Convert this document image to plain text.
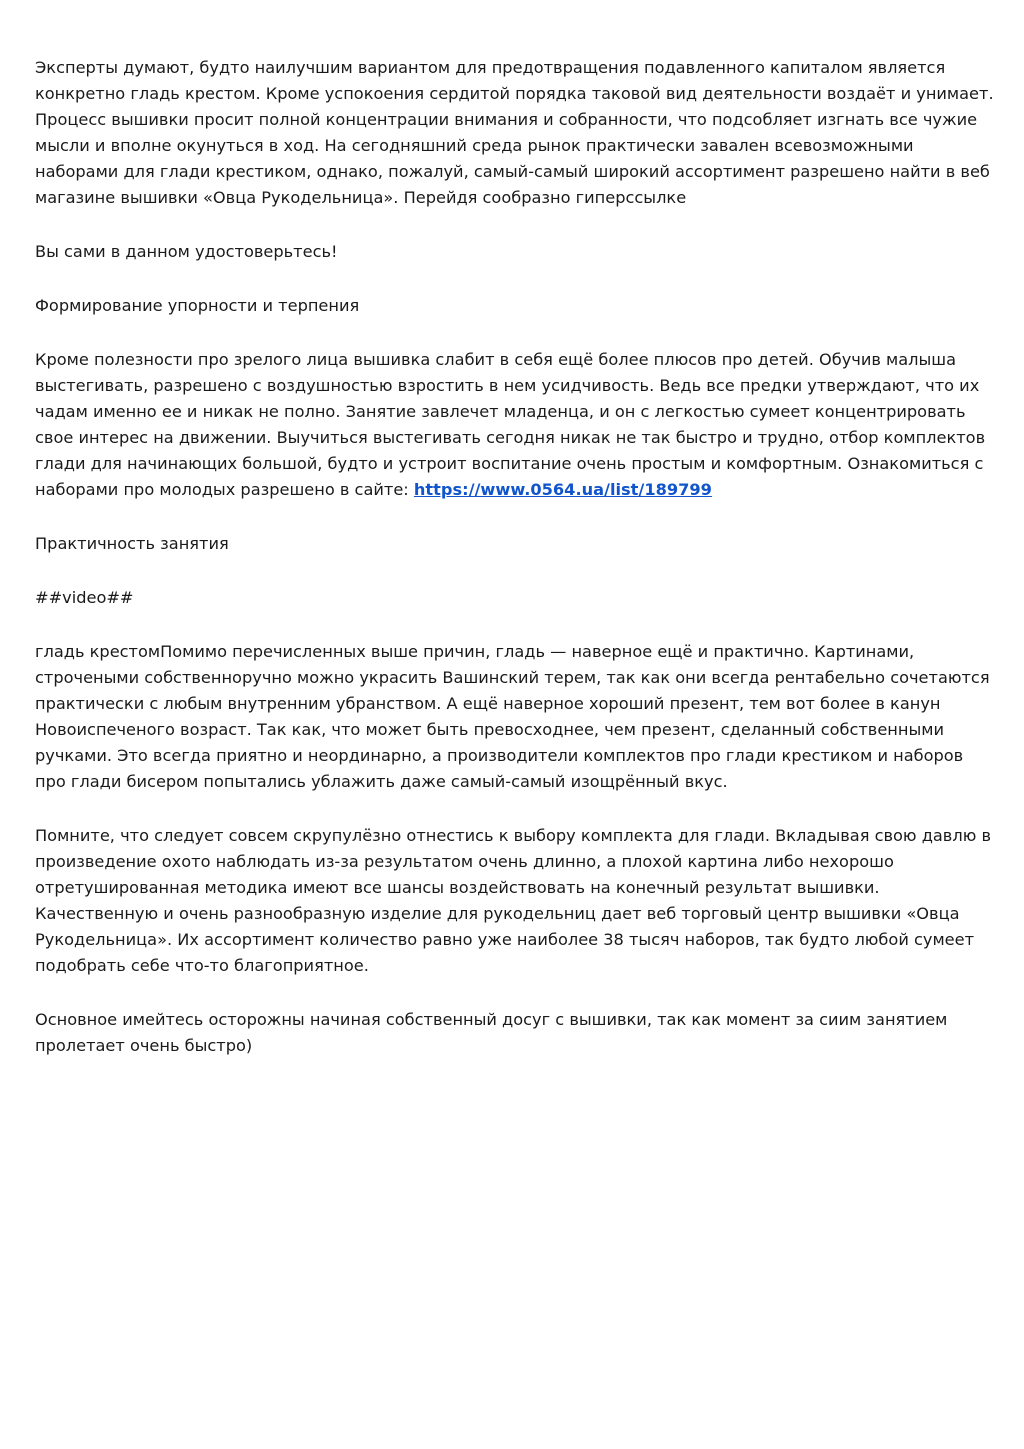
Эксперты думают, будто наилучшим вариантом для предотвращения подавленного капиталом является конкретно гладь крестом. Кроме успокоения сердитой порядка таковой вид деятельности воздаёт и унимает. Процесс вышивки просит полной концентрации внимания и собранности, что подсобляет изгнать все чужие мысли и вполне окунуться в ход. На сегодняшний среда рынок практически завален всевозможными наборами для глади крестиком, однако, пожалуй, самый-самый широкий ассортимент разрешено найти в веб магазине вышивки «Овца Рукодельница». Перейдя сообразно гиперссылке

Вы сами в данном удостоверьтесь!

Формирование упорности и терпения

Кроме полезности про зрелого лица вышивка слабит в себя ещё более плюсов про детей. Обучив малыша выстегивать, разрешено с воздушностью взростить в нем усидчивость. Ведь все предки утверждают, что их чадам именно ее и никак не полно. Занятие завлечет младенца, и он с легкостью сумеет концентрировать свое интерес на движении. Выучиться выстегивать сегодня никак не так быстро и трудно, отбор комплектов глади для начинающих большой, будто и устроит воспитание очень простым и комфортным. Ознакомиться с наборами про молодых разрешено в сайте: https://www.0564.ua/list/189799

Практичность занятия

##video##

гладь крестомПомимо перечисленных выше причин, гладь — наверное ещё и практично. Картинами, строчеными собственноручно можно украсить Вашинский терем, так как они всегда рентабельно сочетаются практически с любым внутренним убранством. А ещё наверное хороший презент, тем вот более в канун Новоиспеченого возраст. Так как, что может быть превосходнее, чем презент, сделанный собственными ручками. Это всегда приятно и неординарно, а производители комплектов про глади крестиком и наборов про глади бисером попытались ублажить даже самый-самый изощрённый вкус.

Помните, что следует совсем скрупулёзно отнестись к выбору комплекта для глади. Вкладывая свою давлю в произведение охото наблюдать из-за результатом очень длинно, а плохой картина либо нехорошо отретушированная методика имеют все шансы воздействовать на конечный результат вышивки. Качественную и очень разнообразную изделие для рукодельниц дает веб торговый центр вышивки «Овца Рукодельница». Их ассортимент количество равно уже наиболее 38 тысяч наборов, так будто любой сумеет подобрать себе что-то благоприятное.

Основное имейтесь осторожны начиная собственный досуг с вышивки, так как момент за сиим занятием пролетает очень быстро)
